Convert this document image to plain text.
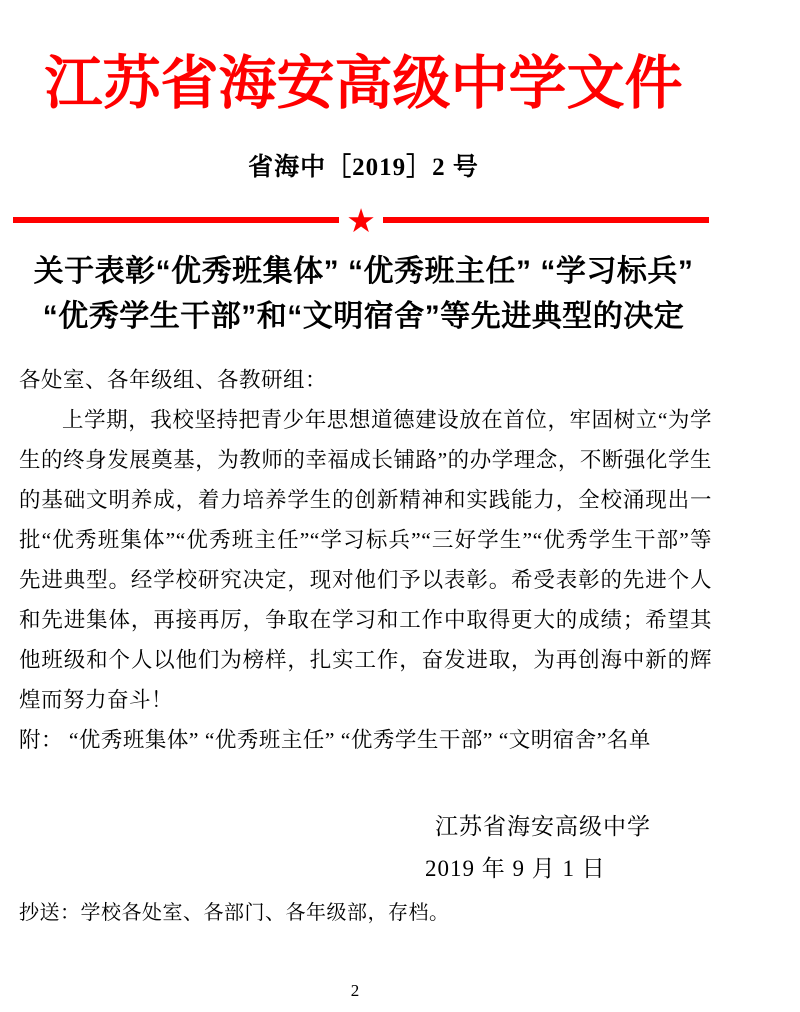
江苏省海安高级中学文件
省海中［2019］2 号
★
关于表彰“优秀班集体” “优秀班主任” “学习标兵”
“优秀学生干部”和“文明宿舍”等先进典型的决定

各处室、各年级组、各教研组：

上学期，我校坚持把青少年思想道德建设放在首位，牢固树立“为学生的终身发展奠基，为教师的幸福成长铺路”的办学理念，不断强化学生的基础文明养成，着力培养学生的创新精神和实践能力，全校涌现出一批“优秀班集体”“优秀班主任”“学习标兵”“三好学生”“优秀学生干部”等先进典型。经学校研究决定，现对他们予以表彰。希受表彰的先进个人和先进集体，再接再厉，争取在学习和工作中取得更大的成绩；希望其他班级和个人以他们为榜样，扎实工作，奋发进取，为再创海中新的辉煌而努力奋斗！

附： “优秀班集体” “优秀班主任” “优秀学生干部” “文明宿舍”名单

江苏省海安高级中学
2019 年 9 月 1 日
抄送：学校各处室、各部门、各年级部，存档。
2
